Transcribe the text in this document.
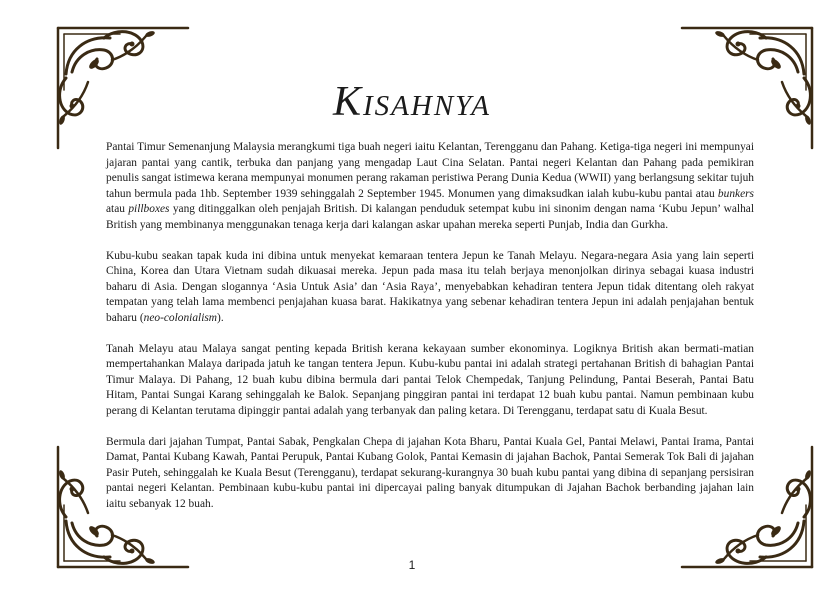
Kisahnya

Pantai Timur Semenanjung Malaysia merangkumi tiga buah negeri iaitu Kelantan, Terengganu dan Pahang. Ketiga-tiga negeri ini mempunyai jajaran pantai yang cantik, terbuka dan panjang yang mengadap Laut Cina Selatan. Pantai negeri Kelantan dan Pahang pada pemikiran penulis sangat istimewa kerana mempunyai monumen perang rakaman peristiwa Perang Dunia Kedua (WWII) yang berlangsung sekitar tujuh tahun bermula pada 1hb. September 1939 sehinggalah 2 September 1945. Monumen yang dimaksudkan ialah kubu-kubu pantai atau bunkers atau pillboxes yang ditinggalkan oleh penjajah British. Di kalangan penduduk setempat kubu ini sinonim dengan nama ‘Kubu Jepun’ walhal British yang membinanya menggunakan tenaga kerja dari kalangan askar upahan mereka seperti Punjab, India dan Gurkha.

Kubu-kubu seakan tapak kuda ini dibina untuk menyekat kemaraan tentera Jepun ke Tanah Melayu. Negara-negara Asia yang lain seperti China, Korea dan Utara Vietnam sudah dikuasai mereka. Jepun pada masa itu telah berjaya menonjolkan dirinya sebagai kuasa industri baharu di Asia. Dengan slogannya ‘Asia Untuk Asia’ dan ‘Asia Raya’, menyebabkan kehadiran tentera Jepun tidak ditentang oleh rakyat tempatan yang telah lama membenci penjajahan kuasa barat. Hakikatnya yang sebenar kehadiran tentera Jepun ini adalah penjajahan bentuk baharu (neo-colonialism).

Tanah Melayu atau Malaya sangat penting kepada British kerana kekayaan sumber ekonominya. Logiknya British akan bermati-matian mempertahankan Malaya daripada jatuh ke tangan tentera Jepun. Kubu-kubu pantai ini adalah strategi pertahanan British di bahagian Pantai Timur Malaya. Di Pahang, 12 buah kubu dibina bermula dari pantai Telok Chempedak, Tanjung Pelindung, Pantai Beserah, Pantai Batu Hitam, Pantai Sungai Karang sehinggalah ke Balok. Sepanjang pinggiran pantai ini terdapat 12 buah kubu pantai. Namun pembinaan kubu perang di Kelantan terutama dipinggir pantai adalah yang terbanyak dan paling ketara. Di Terengganu, terdapat satu di Kuala Besut.

Bermula dari jajahan Tumpat, Pantai Sabak, Pengkalan Chepa di jajahan Kota Bharu, Pantai Kuala Gel, Pantai Melawi, Pantai Irama, Pantai Damat, Pantai Kubang Kawah, Pantai Perupuk, Pantai Kubang Golok, Pantai Kemasin di jajahan Bachok, Pantai Semerak Tok Bali di jajahan Pasir Puteh, sehinggalah ke Kuala Besut (Terengganu), terdapat sekurang-kurangnya 30 buah kubu pantai yang dibina di sepanjang persisiran pantai negeri Kelantan. Pembinaan kubu-kubu pantai ini dipercayai paling banyak ditumpukan di Jajahan Bachok berbanding jajahan lain iaitu sebanyak 12 buah.

1
